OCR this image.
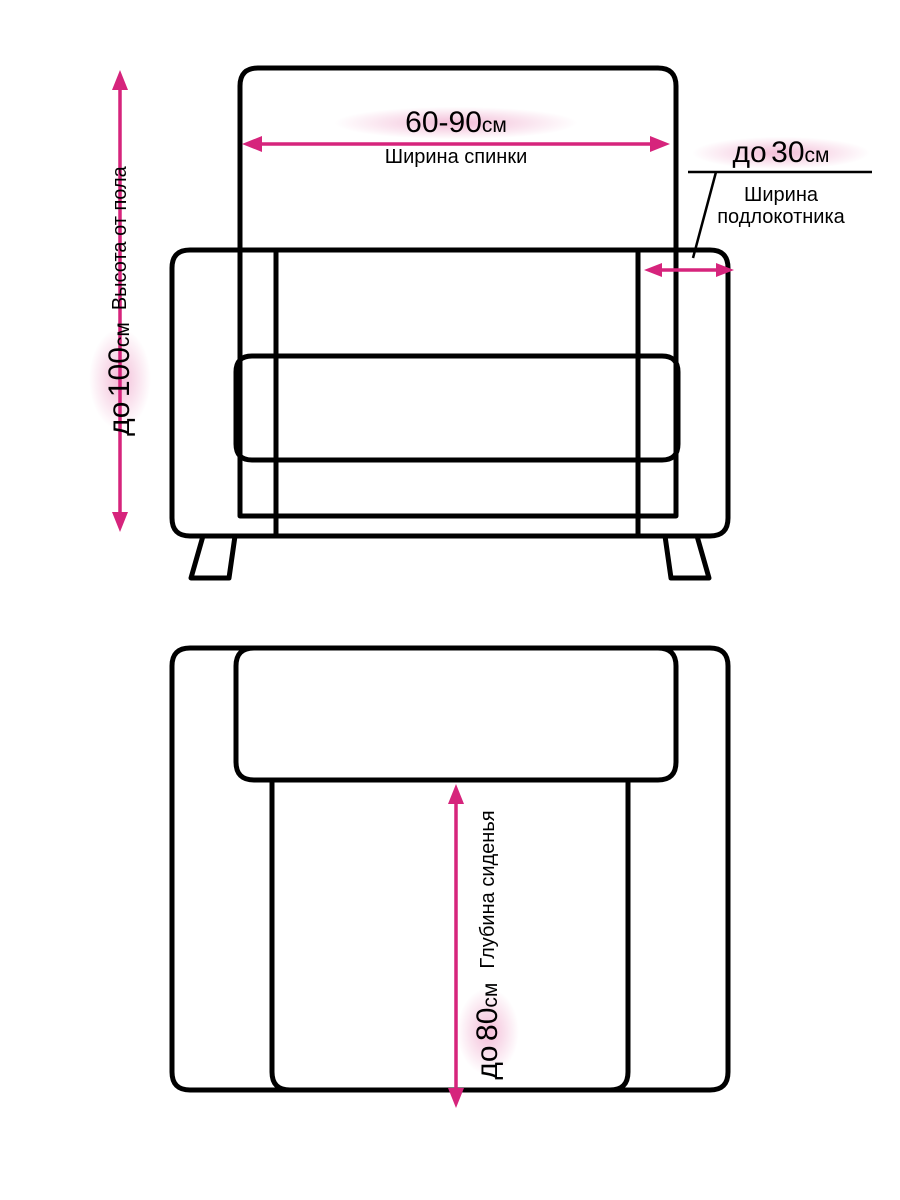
60-90см
Ширина спинки	до 30см
Ширина
подлокотника
до 100см
Высота от пола
до 80см
Глубина сиденья
